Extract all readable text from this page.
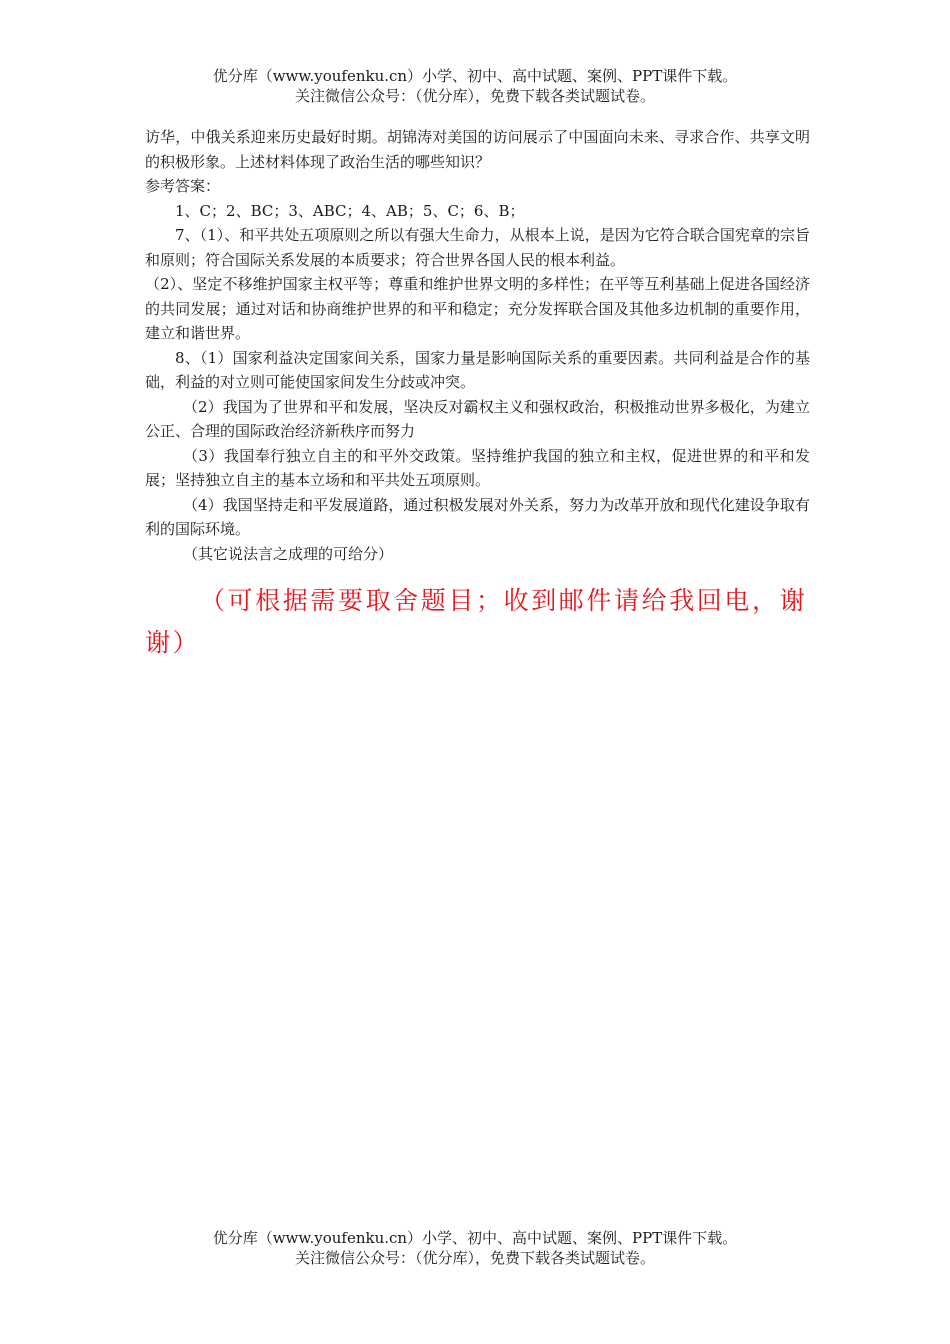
优分库（www.youfenku.cn）小学、初中、高中试题、案例、PPT课件下载。
关注微信公众号：（优分库），免费下载各类试题试卷。

访华，中俄关系迎来历史最好时期。胡锦涛对美国的访问展示了中国面向未来、寻求合作、共享文明的积极形象。上述材料体现了政治生活的哪些知识？

参考答案：

1、C；2、BC；3、ABC；4、AB；5、C；6、B；

7、（1）、和平共处五项原则之所以有强大生命力，从根本上说，是因为它符合联合国宪章的宗旨和原则；符合国际关系发展的本质要求；符合世界各国人民的根本利益。

（2）、坚定不移维护国家主权平等；尊重和维护世界文明的多样性；在平等互利基础上促进各国经济的共同发展；通过对话和协商维护世界的和平和稳定；充分发挥联合国及其他多边机制的重要作用，建立和谐世界。

8、（1）国家利益决定国家间关系，国家力量是影响国际关系的重要因素。共同利益是合作的基础，利益的对立则可能使国家间发生分歧或冲突。

（2）我国为了世界和平和发展，坚决反对霸权主义和强权政治，积极推动世界多极化，为建立公正、合理的国际政治经济新秩序而努力

（3）我国奉行独立自主的和平外交政策。坚持维护我国的独立和主权，促进世界的和平和发展；坚持独立自主的基本立场和和平共处五项原则。

（4）我国坚持走和平发展道路，通过积极发展对外关系，努力为改革开放和现代化建设争取有利的国际环境。

（其它说法言之成理的可给分）

（可根据需要取舍题目；收到邮件请给我回电，谢谢）
优分库（www.youfenku.cn）小学、初中、高中试题、案例、PPT课件下载。
关注微信公众号：（优分库），免费下载各类试题试卷。
